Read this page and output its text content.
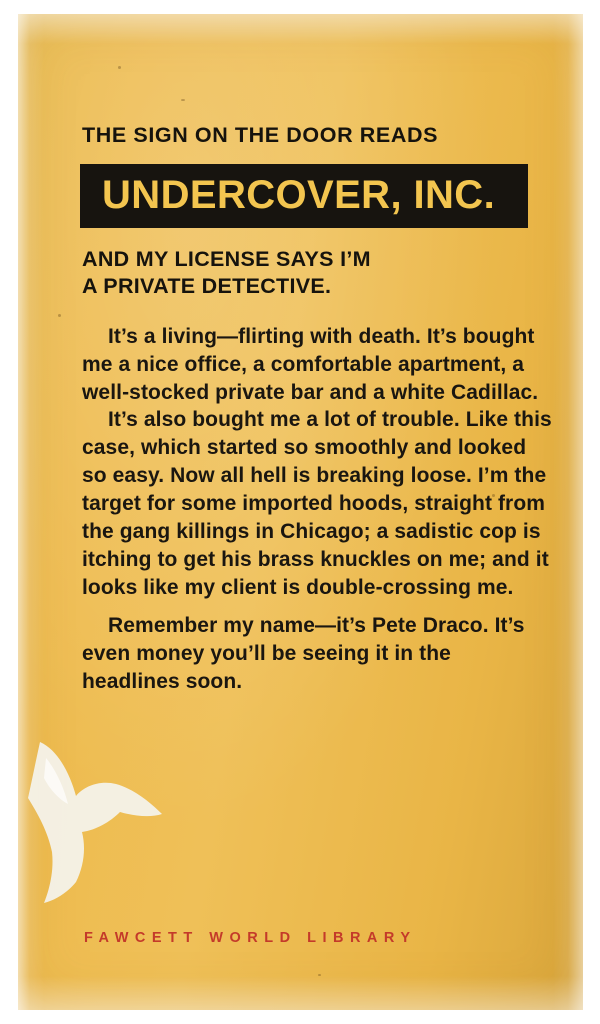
THE SIGN ON THE DOOR READS

UNDERCOVER, INC.

AND MY LICENSE SAYS I’M
A PRIVATE DETECTIVE.

It’s a living—flirting with death. It’s bought me a nice office, a comfortable apartment, a well-stocked private bar and a white Cadillac.

It’s also bought me a lot of trouble. Like this case, which started so smoothly and looked so easy. Now all hell is breaking loose. I’m the target for some imported hoods, straight from the gang killings in Chicago; a sadistic cop is itching to get his brass knuckles on me; and it looks like my client is double-crossing me.

Remember my name—it’s Pete Draco. It’s even money you’ll be seeing it in the headlines soon.

FAWCETT WORLD LIBRARY
